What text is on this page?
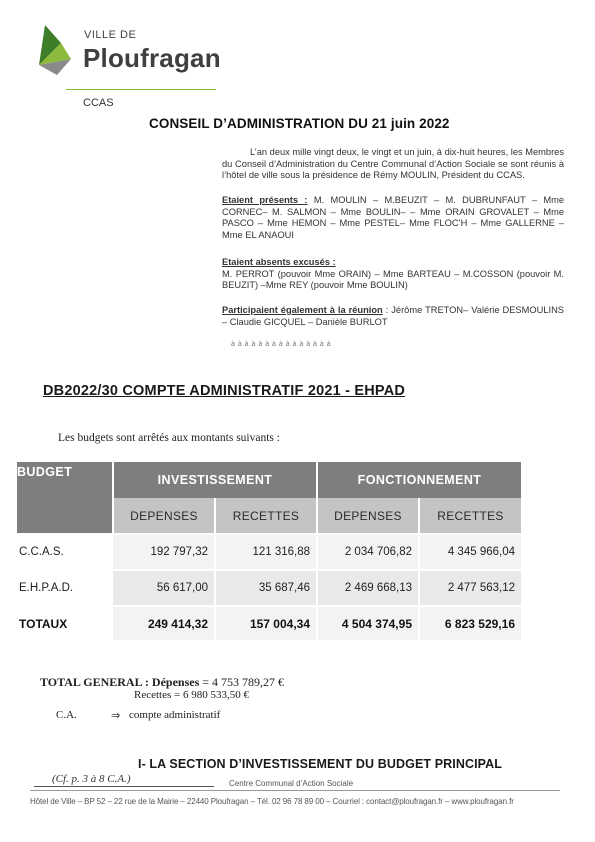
VILLE DE
Ploufragan
CCAS
CONSEIL D’ADMINISTRATION DU 21 juin 2022
L’an deux mille vingt deux, le vingt et un juin, à dix-huit heures, les Membres du Conseil d’Administration du Centre Communal d’Action Sociale se sont réunis à l’hôtel de ville sous la présidence de Rémy MOULIN, Président du CCAS.
Etaient présents : M. MOULIN – M.BEUZIT – M. DUBRUNFAUT – Mme CORNEC– M. SALMON – Mme BOULIN– – Mme ORAIN GROVALET – Mme PASCO – Mme HEMON – Mme PESTEL– Mme FLOC’H – Mme GALLERNE – Mme EL ANAOUI
Etaient absents excusés :
M. PERROT (pouvoir Mme ORAIN) – Mme BARTEAU – M.COSSON (pouvoir M. BEUZIT) –Mme REY (pouvoir Mme BOULIN)
Participaient également à la réunion : Jérôme TRETON– Valérie DESMOULINS – Claudie GICQUEL – Danièle BURLOT
à à à à à à à à à à à à à à à
DB2022/30 COMPTE ADMINISTRATIF 2021 - EHPAD
Les budgets sont arrêtés aux montants suivants :
BUDGET	INVESTISSEMENT		FONCTIONNEMENT	
	DEPENSES	RECETTES	DEPENSES	RECETTES
C.C.A.S.	192 797,32	121 316,88	2 034 706,82	4 345 966,04
E.H.P.A.D.	56 617,00	35 687,46	2 469 668,13	2 477 563,12
TOTAUX	249 414,32	157 004,34	4 504 374,95	6 823 529,16
TOTAL GENERAL : Dépenses = 4 753 789,27 €
Recettes = 6 980 533,50 €
C.A.	⇒ compte administratif
I- LA SECTION D’INVESTISSEMENT DU BUDGET PRINCIPAL
(Cf. p. 3 à 8 C.A.)	Centre Communal d’Action Sociale
Hôtel de Ville – BP 52 – 22 rue de la Mairie – 22440 Ploufragan – Tél. 02 96 78 89 00 – Courriel : contact@ploufragan.fr – www.ploufragan.fr
